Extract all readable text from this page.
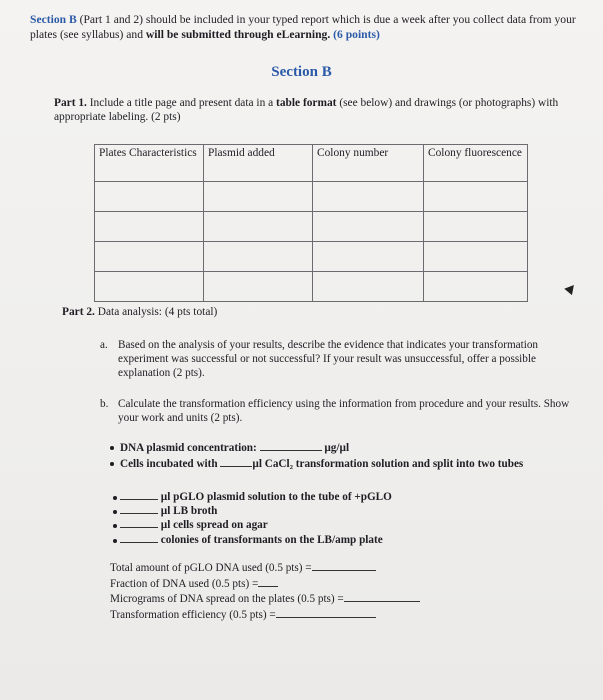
Section B (Part 1 and 2) should be included in your typed report which is due a week after you collect data from your plates (see syllabus) and will be submitted through eLearning. (6 points)
Section B
Part 1. Include a title page and present data in a table format (see below) and drawings (or photographs) with appropriate labeling. (2 pts)
Plates Characteristics	Plasmid added	Colony number	Colony fluorescence

Part 2. Data analysis: (4 pts total)
a. Based on the analysis of your results, describe the evidence that indicates your transformation experiment was successful or not successful? If your result was unsuccessful, offer a possible explanation (2 pts).
b. Calculate the transformation efficiency using the information from procedure and your results. Show your work and units (2 pts).
DNA plasmid concentration:	µg/µl
Cells incubated with	µl CaCl₂ transformation solution and split into two tubes
µl pGLO plasmid solution to the tube of +pGLO
µl LB broth
µl cells spread on agar
colonies of transformants on the LB/amp plate
Total amount of pGLO DNA used (0.5 pts) =
Fraction of DNA used (0.5 pts) =
Micrograms of DNA spread on the plates (0.5 pts) =
Transformation efficiency (0.5 pts) =
